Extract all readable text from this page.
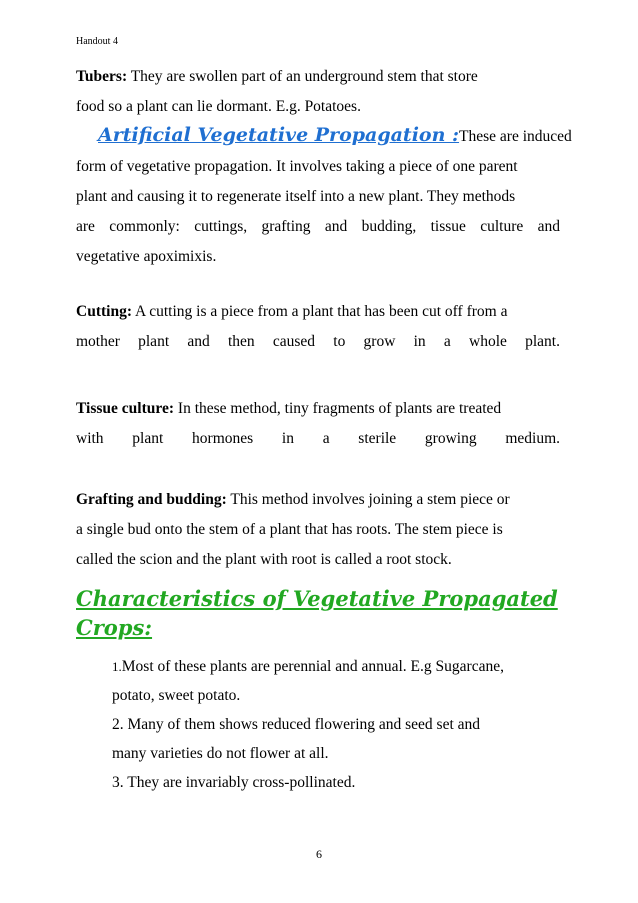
Handout 4
Tubers: They are swollen part of an underground stem that store
food so a plant can lie dormant. E.g. Potatoes.
Artificial Vegetative Propagation :These are induced
form of vegetative propagation. It involves taking a piece of one parent
plant and causing it to regenerate itself into a new plant. They methods
are commonly: cuttings, grafting and budding, tissue culture and
vegetative apoximixis.
Cutting: A cutting is a piece from a plant that has been cut off from a
mother plant and then caused to grow in a whole plant.
Tissue culture: In these method, tiny fragments of plants are treated
with plant hormones in a sterile growing medium.
Grafting and budding: This method involves joining a stem piece or
a single bud onto the stem of a plant that has roots. The stem piece is
called the scion and the plant with root is called a root stock.
Characteristics of Vegetative Propagated
Crops:
1.Most of these plants are perennial and annual. E.g Sugarcane,
potato, sweet potato.
2. Many of them shows reduced flowering and seed set and
many varieties do not flower at all.
3. They are invariably cross-pollinated.
6
